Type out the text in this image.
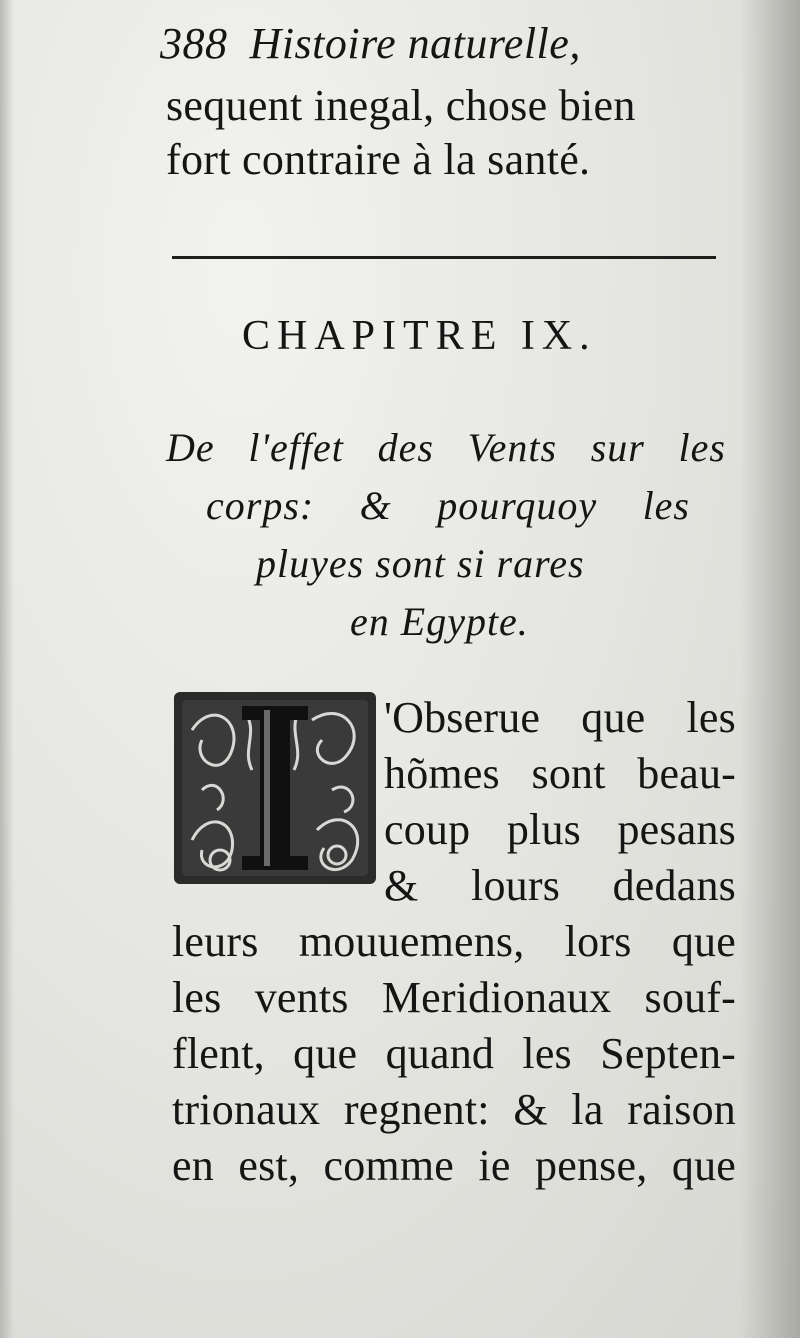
388 Histoire naturelle,
sequent inegal, chose bien
fort contraire à la santé.
CHAPITRE IX.
De l'effet des Vents sur les
corps: & pourquoy les
pluyes sont si rares
en Egypte.
I
'Obserue que les
hõmes sont beau-
coup plus pesans
& lours dedans
leurs mouuemens, lors que
les vents Meridionaux souf-
flent, que quand les Septen-
trionaux regnent: & la raison
en est, comme ie pense, que
